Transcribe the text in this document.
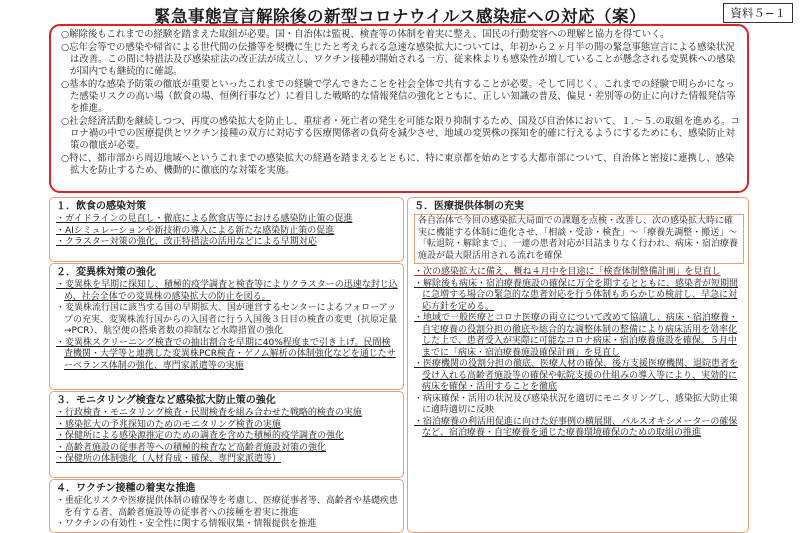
緊急事態宣言解除後の新型コロナウイルス感染症への対応（案）	資料５−１

○解除後もこれまでの経験を踏まえた取組が必要。国・自治体は監視、検査等の体制を着実に整え、国民の行動変容への理解と協力を得ていく。

○忘年会等での感染や帰省による世代間の伝播等を契機に生じたと考えられる急速な感染拡大については、年初から２ヶ月半の間の緊急事態宣言による感染状況は改善。この間に特措法及び感染症法の改正法が成立し、ワクチン接種が開始される一方、従来株よりも感染性が増していることが懸念される変異株への感染が国内でも継続的に確認。

○基本的な感染予防策の徹底が重要といったこれまでの経験で学んできたことを社会全体で共有することが必要。そして同じく、これまでの経験で明らかになった感染リスクの高い場（飲食の場、恒例行事など）に着目した戦略的な情報発信の強化とともに、正しい知識の普及、偏見・差別等の防止に向けた情報発信等を推進。

○社会経済活動を継続しつつ、再度の感染拡大を防止し、重症者・死亡者の発生を可能な限り抑制するため、国及び自治体において、１.〜５.の取組を進める。コロナ禍の中での医療提供とワクチン接種の双方に対応する医療関係者の負荷を減少させ、地域の変異株の探知を的確に行えるようにするためにも、感染防止対策の徹底が必要。

○特に、都市部から周辺地域へというこれまでの感染拡大の経過を踏まえるとともに、特に東京都を始めとする大都市部について、自治体と密接に連携し、感染拡大を防止するため、機動的に徹底的な対策を実施。

１．飲食の感染対策
・ガイドラインの見直し・徹底による飲食店等における感染防止策の促進
・AIシミュレーションや新技術の導入による新たな感染防止策の促進
・クラスター対策の強化、改正特措法の活用などによる早期対応
２．変異株対策の強化
・変異株を早期に探知し、積極的疫学調査と検査等によりクラスターの迅速な封じ込め、社会全体での変異株の感染拡大の防止を図る。
・変異株流行国に該当する国の早期拡大、国が運営するセンターによるフォローアップの充実、変異株流行国からの入国者に行う入国後３日目の検査の変更（抗原定量→PCR）、航空便の搭乗者数の抑制など水際措置の強化
・変異株スクリーニング検査での抽出割合を早期に40%程度まで引き上げ。民間検査機関・大学等と連携した変異株PCR検査・ゲノム解析の体制強化などを通じたサーベランス体制の強化、専門家派遣等の実施
３．モニタリング検査など感染拡大防止策の強化
・行政検査・モニタリング検査・民間検査を組み合わせた戦略的検査の実施
・感染拡大の予兆探知のためのモニタリング検査の実施
・保健所による感染源推定のための調査を含めた積極的疫学調査の強化
・高齢者施設の従事者等への積極的検査など高齢者施設対策の強化
・保健所の体制強化（人材育成・確保、専門家派遣等）
４．ワクチン接種の着実な推進
・重症化リスクや医療提供体制の確保等を考慮し、医療従事者等、高齢者や基礎疾患を有する者、高齢者施設等の従事者への接種を着実に推進
・ワクチンの有効性・安全性に関する情報収集・情報提供を推進
５．医療提供体制の充実
各自治体で今回の感染拡大局面での課題を点検・改善し、次の感染拡大時に確実に機能する体制に進化させ、「相談・受診・検査」〜「療養先調整・搬送」〜「転退院・解除まで」、一連の患者対応が目詰まりなく行われ、病床・宿泊療養施設が最大限活用される流れを確保
・次の感染拡大に備え、概ね４月中を目途に「検査体制整備計画」を見直し
・解除後も病床・宿泊療養施設の確保に万全を期するとともに、感染者が短期間に急増する場合の緊急的な患者対応を行う体制もあらかじめ検討し、早急に対応方針を定める。
・地域で一般医療とコロナ医療の両立について改めて協議し、病床・宿泊療養・自宅療養の役割分担の徹底や総合的な調整体制の整備により病床活用を効率化した上で、患者受入が実際に可能なコロナ病床・宿泊療養施設を確保。５月中までに「病床・宿泊療養施設確保計画」を見直し
・医療機関の役割分担の徹底、医療人材の確保、後方支援医療機関、退院患者を受け入れる高齢者施設等の確保や転院支援の仕組みの導入等により、実効的に病床を確保・活用することを徹底
・病床確保・活用の状況及び感染状況を適切にモニタリングし、感染拡大防止策に適時適切に反映
・宿泊療養の利活用促進に向けた好事例の横展開、パルスオキシメーターの確保など、宿泊療養・自宅療養を通じた療養環境確保のための取組の推進
